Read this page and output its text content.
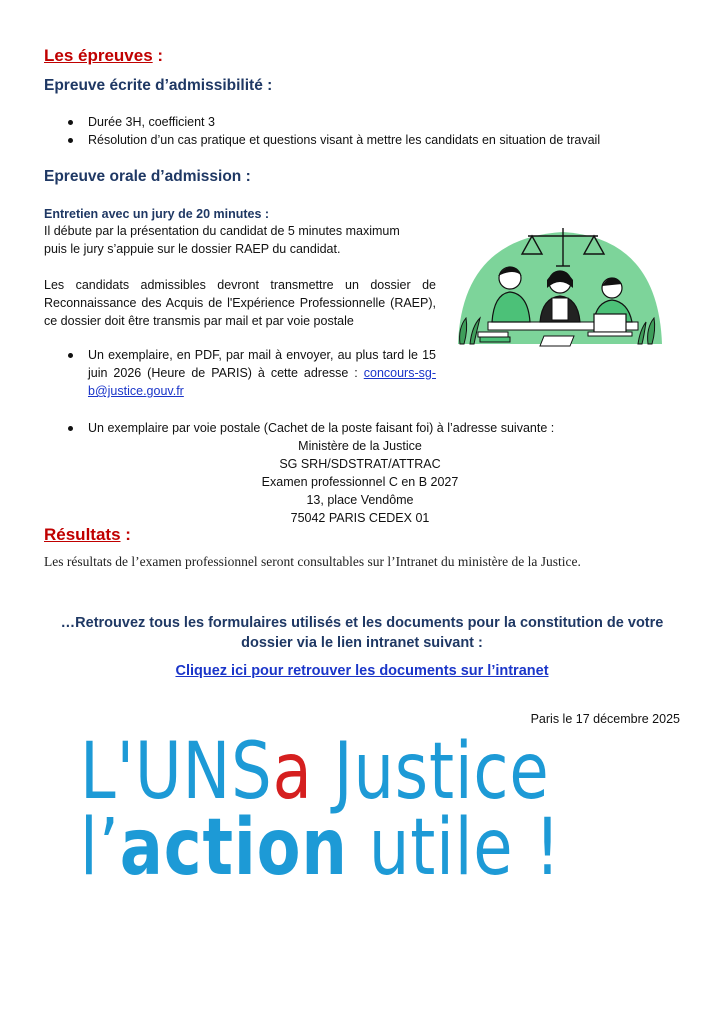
Les épreuves :
Epreuve écrite d’admissibilité :
Durée 3H, coefficient 3
Résolution d’un cas pratique et questions visant à mettre les candidats en situation de travail
Epreuve orale d’admission :
Entretien avec un jury de 20 minutes :
Il débute par la présentation du candidat de 5 minutes maximum
puis le jury s’appuie sur le dossier RAEP du candidat.
Les candidats admissibles devront transmettre un dossier de Reconnaissance des Acquis de l'Expérience Professionnelle (RAEP), ce dossier doit être transmis par mail et par voie postale
Un exemplaire, en PDF, par mail à envoyer, au plus tard le 15 juin 2026 (Heure de PARIS) à cette adresse : concours-sg-b@justice.gouv.fr
Un exemplaire par voie postale (Cachet de la poste faisant foi) à l’adresse suivante :
Ministère de la Justice
SG SRH/SDSTRAT/ATTRAC
Examen professionnel C en B 2027
13, place Vendôme
75042 PARIS CEDEX 01
Résultats :
Les résultats de l’examen professionnel seront consultables sur l’Intranet du ministère de la Justice.
…Retrouvez tous les formulaires utilisés et les documents pour la constitution de votre
dossier via le lien intranet suivant :
Cliquez ici pour retrouver les documents sur l’intranet
Paris le 17 décembre 2025
L'UNSa Justice
l’action utile !
